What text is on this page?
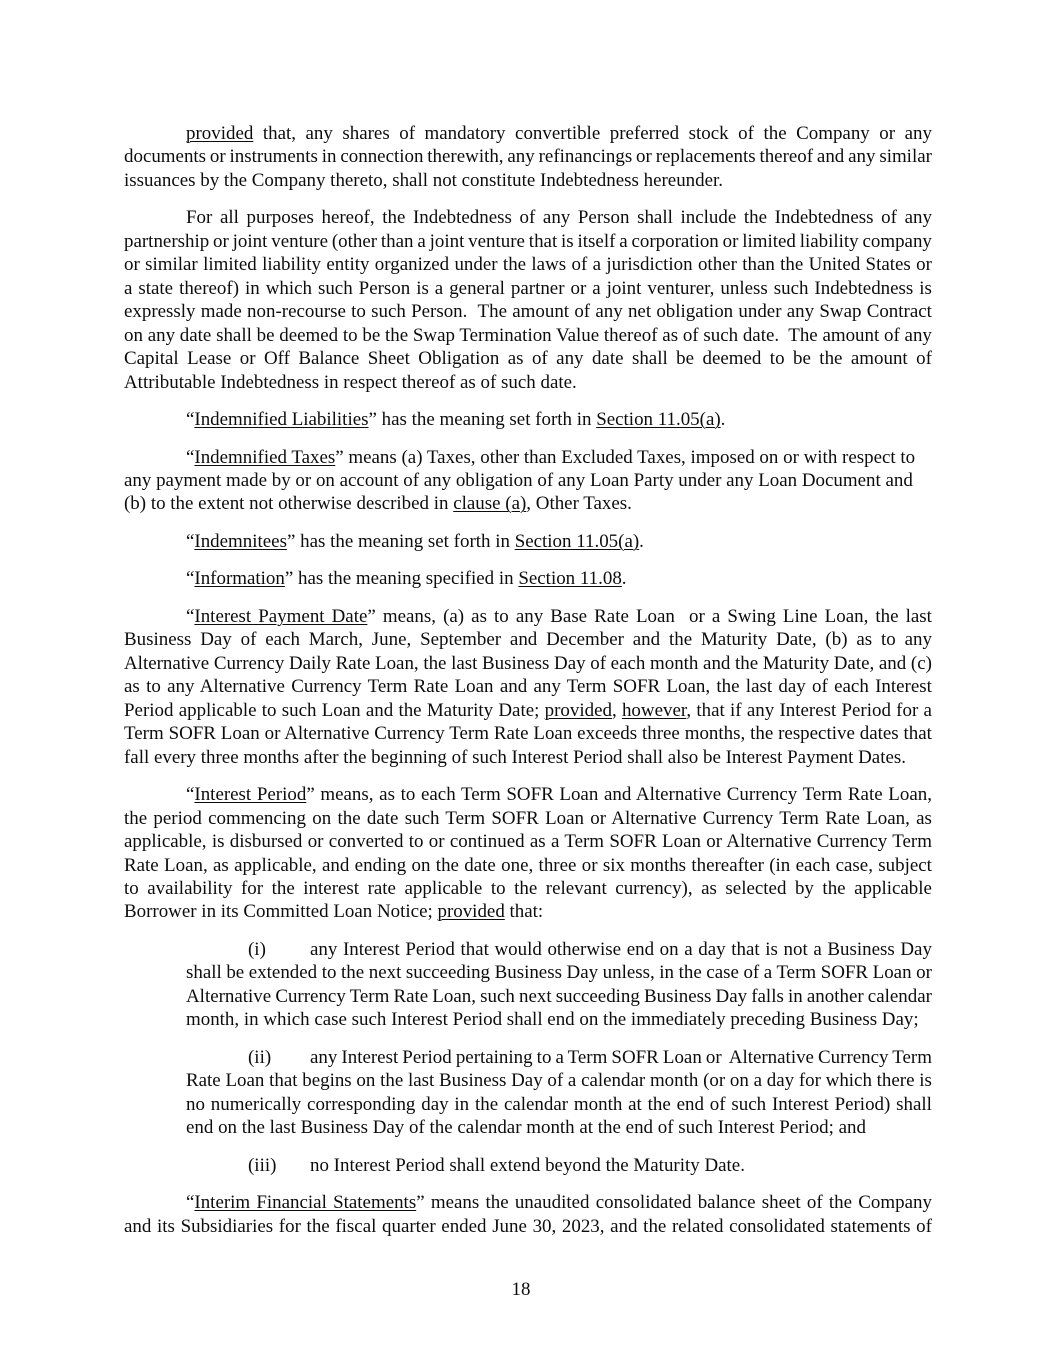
provided that, any shares of mandatory convertible preferred stock of the Company or any
documents or instruments in connection therewith, any refinancings or replacements thereof and any similar
issuances by the Company thereto, shall not constitute Indebtedness hereunder.
For all purposes hereof, the Indebtedness of any Person shall include the Indebtedness of any
partnership or joint venture (other than a joint venture that is itself a corporation or limited liability company
or similar limited liability entity organized under the laws of a jurisdiction other than the United States or
a state thereof) in which such Person is a general partner or a joint venturer, unless such Indebtedness is
expressly made non-recourse to such Person.  The amount of any net obligation under any Swap Contract
on any date shall be deemed to be the Swap Termination Value thereof as of such date.  The amount of any
Capital Lease or Off Balance Sheet Obligation as of any date shall be deemed to be the amount of
Attributable Indebtedness in respect thereof as of such date.
“Indemnified Liabilities” has the meaning set forth in Section 11.05(a).
“Indemnified Taxes” means (a) Taxes, other than Excluded Taxes, imposed on or with respect to
any payment made by or on account of any obligation of any Loan Party under any Loan Document and
(b) to the extent not otherwise described in clause (a), Other Taxes.
“Indemnitees” has the meaning set forth in Section 11.05(a).
“Information” has the meaning specified in Section 11.08.
“Interest Payment Date” means, (a) as to any Base Rate Loan  or a Swing Line Loan, the last
Business Day of each March, June, September and December and the Maturity Date, (b) as to any
Alternative Currency Daily Rate Loan, the last Business Day of each month and the Maturity Date, and (c)
as to any Alternative Currency Term Rate Loan and any Term SOFR Loan, the last day of each Interest
Period applicable to such Loan and the Maturity Date; provided, however, that if any Interest Period for a
Term SOFR Loan or Alternative Currency Term Rate Loan exceeds three months, the respective dates that
fall every three months after the beginning of such Interest Period shall also be Interest Payment Dates.
“Interest Period” means, as to each Term SOFR Loan and Alternative Currency Term Rate Loan,
the period commencing on the date such Term SOFR Loan or Alternative Currency Term Rate Loan, as
applicable, is disbursed or converted to or continued as a Term SOFR Loan or Alternative Currency Term
Rate Loan, as applicable, and ending on the date one, three or six months thereafter (in each case, subject
to availability for the interest rate applicable to the relevant currency), as selected by the applicable
Borrower in its Committed Loan Notice; provided that:
(i)	any Interest Period that would otherwise end on a day that is not a Business Day
shall be extended to the next succeeding Business Day unless, in the case of a Term SOFR Loan or
Alternative Currency Term Rate Loan, such next succeeding Business Day falls in another calendar
month, in which case such Interest Period shall end on the immediately preceding Business Day;
(ii)	any Interest Period pertaining to a Term SOFR Loan or  Alternative Currency Term
Rate Loan that begins on the last Business Day of a calendar month (or on a day for which there is
no numerically corresponding day in the calendar month at the end of such Interest Period) shall
end on the last Business Day of the calendar month at the end of such Interest Period; and
(iii)	no Interest Period shall extend beyond the Maturity Date.
“Interim Financial Statements” means the unaudited consolidated balance sheet of the Company
and its Subsidiaries for the fiscal quarter ended June 30, 2023, and the related consolidated statements of
18
